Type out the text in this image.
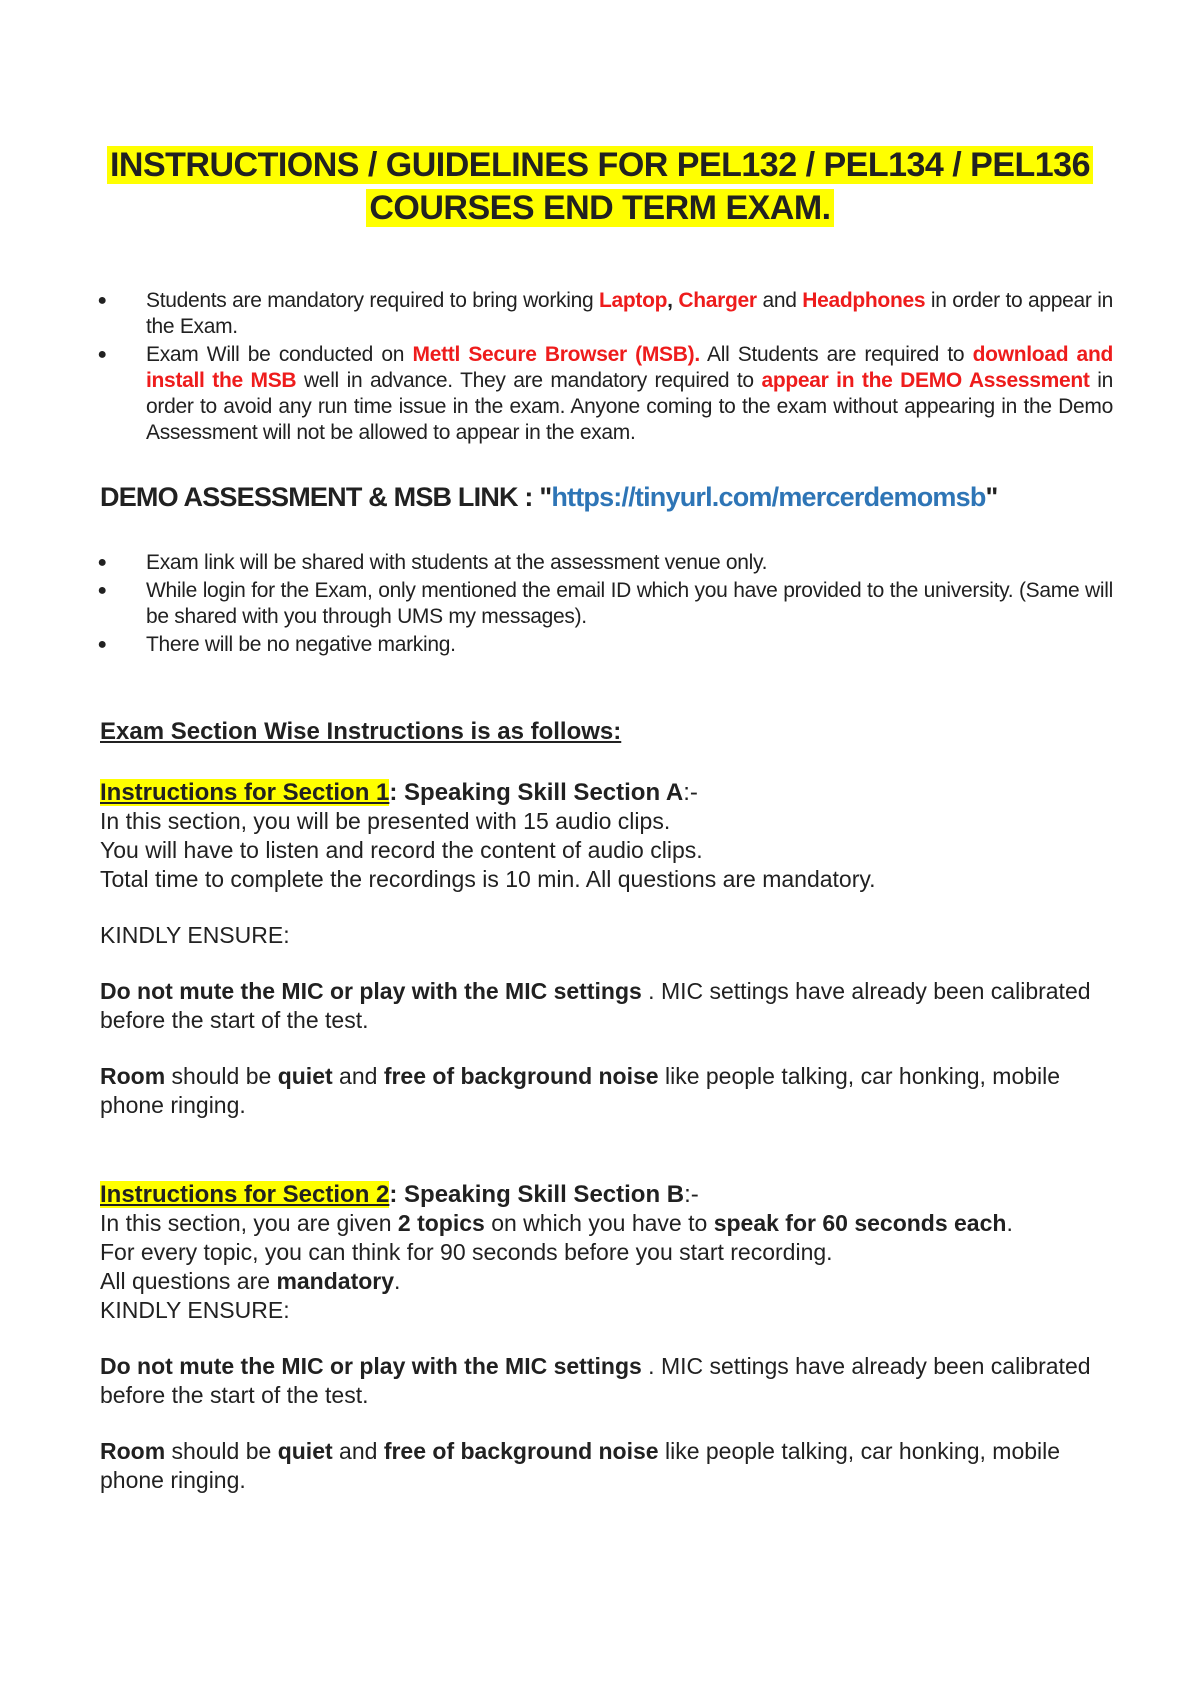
INSTRUCTIONS / GUIDELINES FOR PEL132 / PEL134 / PEL136
COURSES END TERM EXAM.
● Students are mandatory required to bring working Laptop, Charger and Headphones in order to appear in the Exam.
● Exam Will be conducted on Mettl Secure Browser (MSB). All Students are required to download and install the MSB well in advance. They are mandatory required to appear in the DEMO Assessment in order to avoid any run time issue in the exam. Anyone coming to the exam without appearing in the Demo Assessment will not be allowed to appear in the exam.
DEMO ASSESSMENT & MSB LINK : "https://tinyurl.com/mercerdemomsb"
● Exam link will be shared with students at the assessment venue only.
● While login for the Exam, only mentioned the email ID which you have provided to the university. (Same will be shared with you through UMS my messages).
● There will be no negative marking.
Exam Section Wise Instructions is as follows:
Instructions for Section 1: Speaking Skill Section A:-
In this section, you will be presented with 15 audio clips.
You will have to listen and record the content of audio clips.
Total time to complete the recordings is 10 min. All questions are mandatory.
KINDLY ENSURE:
Do not mute the MIC or play with the MIC settings . MIC settings have already been calibrated before the start of the test.
Room should be quiet and free of background noise like people talking, car honking, mobile phone ringing.
Instructions for Section 2: Speaking Skill Section B:-
In this section, you are given 2 topics on which you have to speak for 60 seconds each.
For every topic, you can think for 90 seconds before you start recording.
All questions are mandatory.
KINDLY ENSURE:
Do not mute the MIC or play with the MIC settings . MIC settings have already been calibrated before the start of the test.
Room should be quiet and free of background noise like people talking, car honking, mobile phone ringing.
